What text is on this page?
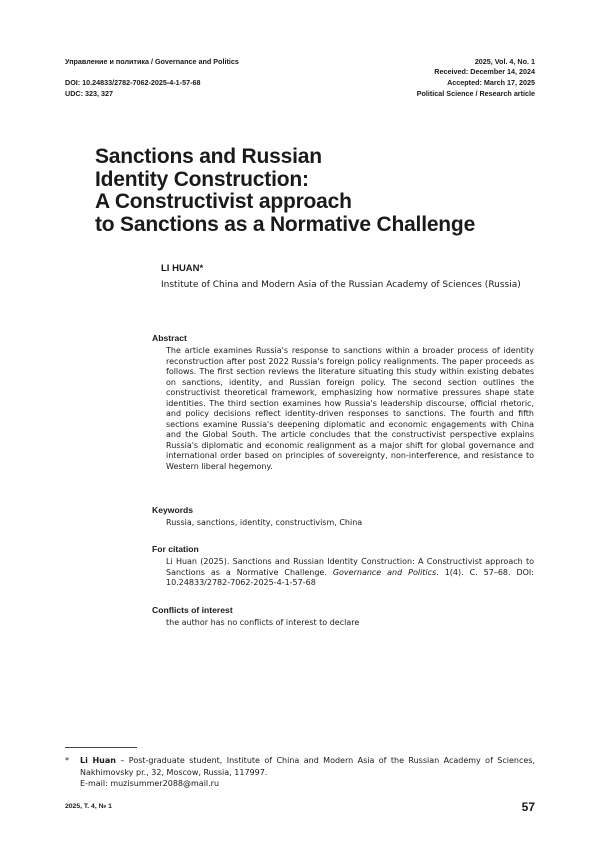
Управление и политика / Governance and Politics
DOI: 10.24833/2782-7062-2025-4-1-57-68
UDC: 323, 327
2025, Vol. 4, No. 1
Received: December 14, 2024
Accepted: March 17, 2025
Political Science / Research article
Sanctions and Russian
Identity Construction:
A Constructivist approach
to Sanctions as a Normative Challenge
LI HUAN*
Institute of China and Modern Asia of the Russian Academy of Sciences (Russia)
Abstract
The article examines Russia's response to sanctions within a broader process of identity reconstruction after post 2022 Russia's foreign policy realignments. The paper proceeds as follows. The first section reviews the literature situating this study within existing debates on sanctions, identity, and Russian foreign policy. The second section outlines the constructivist theoretical framework, emphasizing how normative pressures shape state identities. The third section examines how Russia's leadership discourse, official rhetoric, and policy decisions reflect identity-driven responses to sanctions. The fourth and fifth sections examine Russia's deepening diplomatic and economic engagements with China and the Global South. The article concludes that the constructivist perspective explains Russia's diplomatic and economic realignment as a major shift for global governance and international order based on principles of sovereignty, non-interference, and resistance to Western liberal hegemony.
Keywords
Russia, sanctions, identity, constructivism, China
For citation
Li Huan (2025). Sanctions and Russian Identity Construction: A Constructivist approach to Sanctions as a Normative Challenge. Governance and Politics. 1(4). С. 57–68. DOI: 10.24833/2782-7062-2025-4-1-57-68
Conflicts of interest
the author has no conflicts of interest to declare
* Li Huan – Post-graduate student, Institute of China and Modern Asia of the Russian Academy of Sciences, Nakhimovsky pr., 32, Moscow, Russia, 117997.
E-mail: muzisummer2088@mail.ru
2025, Т. 4, № 1	57
